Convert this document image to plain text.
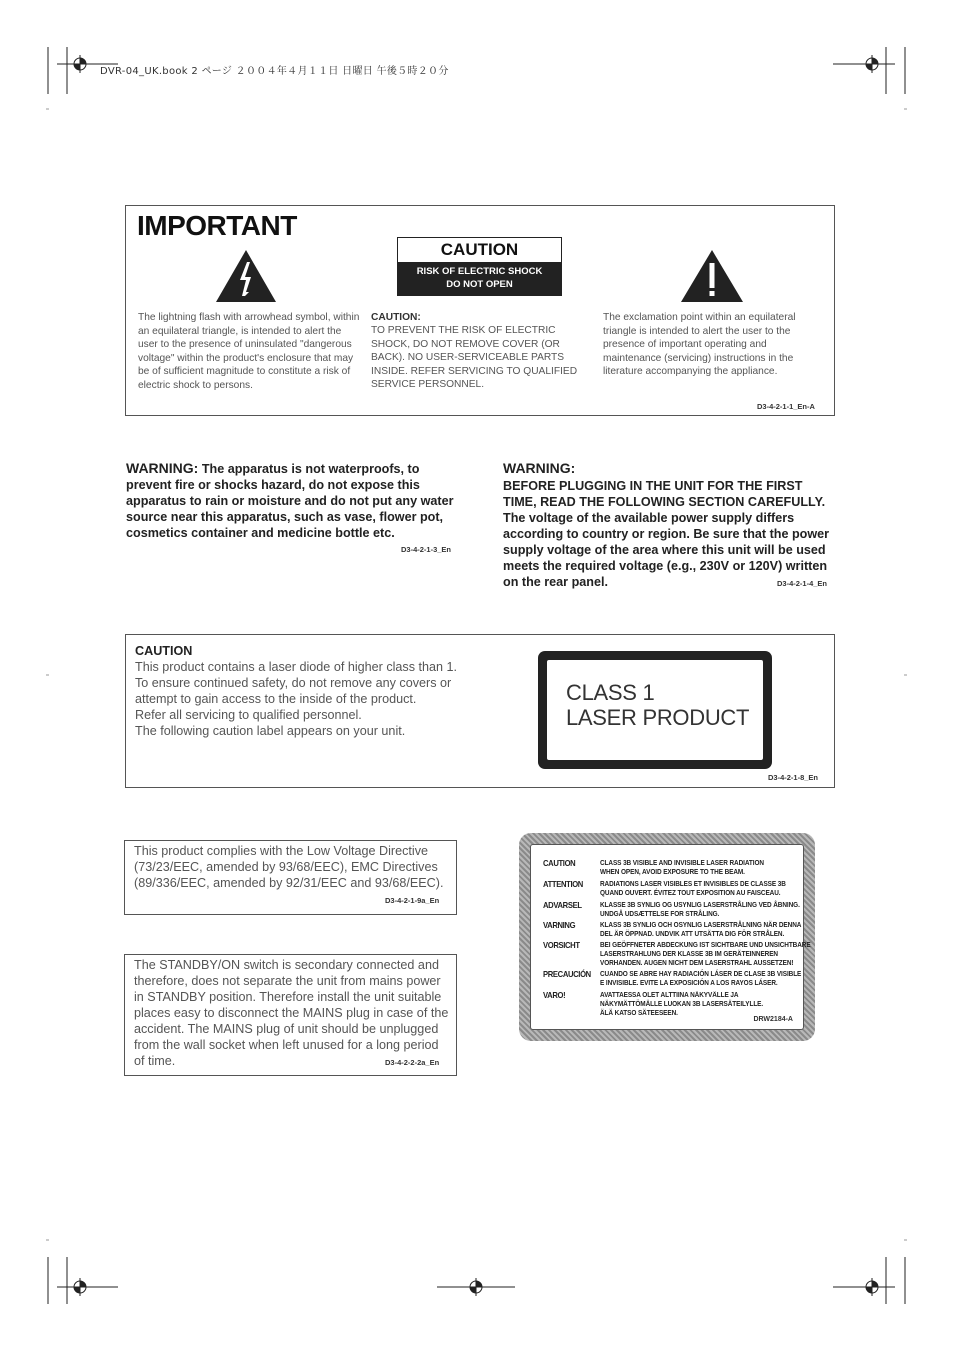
DVR-04_UK.book 2 ページ ２００４年４月１１日 日曜日 午後５時２０分
IMPORTANT
CAUTION
RISK OF ELECTRIC SHOCK
DO NOT OPEN
The lightning flash with arrowhead symbol, within an equilateral triangle, is intended to alert the user to the presence of uninsulated "dangerous voltage" within the product's enclosure that may be of sufficient magnitude to constitute a risk of electric shock to persons.
CAUTION:
TO PREVENT THE RISK OF ELECTRIC SHOCK, DO NOT REMOVE COVER (OR BACK). NO USER-SERVICEABLE PARTS INSIDE. REFER SERVICING TO QUALIFIED SERVICE PERSONNEL.
The exclamation point within an equilateral triangle is intended to alert the user to the presence of important operating and maintenance (servicing) instructions in the literature accompanying the appliance.
D3-4-2-1-1_En-A
WARNING: The apparatus is not waterproofs, to prevent fire or shocks hazard, do not expose this apparatus to rain or moisture and do not put any water source near this apparatus, such as vase, flower pot, cosmetics container and medicine bottle etc.
D3-4-2-1-3_En
WARNING:
BEFORE PLUGGING IN THE UNIT FOR THE FIRST TIME, READ THE FOLLOWING SECTION CAREFULLY. The voltage of the available power supply differs according to country or region. Be sure that the power supply voltage of the area where this unit will be used meets the required voltage (e.g., 230V or 120V) written on the rear panel.	D3-4-2-1-4_En
CAUTION
This product contains a laser diode of higher class than 1. To ensure continued safety, do not remove any covers or attempt to gain access to the inside of the product.
Refer all servicing to qualified personnel.
The following caution label appears on your unit.
CLASS 1
LASER PRODUCT
D3-4-2-1-8_En
This product complies with the Low Voltage Directive (73/23/EEC, amended by 93/68/EEC), EMC Directives (89/336/EEC, amended by 92/31/EEC and 93/68/EEC).
D3-4-2-1-9a_En
The STANDBY/ON switch is secondary connected and therefore, does not separate the unit from mains power in STANDBY position. Therefore install the unit suitable places easy to disconnect the MAINS plug in case of the accident. The MAINS plug of unit should be unplugged from the wall socket when left unused for a long period of time.	D3-4-2-2-2a_En
CAUTION	CLASS 3B VISIBLE AND INVISIBLE LASER RADIATION
WHEN OPEN, AVOID EXPOSURE TO THE BEAM.
ATTENTION	RADIATIONS LASER VISIBLES ET INVISIBLES DE CLASSE 3B
QUAND OUVERT. ÉVITEZ TOUT EXPOSITION AU FAISCEAU.
ADVARSEL	KLASSE 3B SYNLIG OG USYNLIG LASERSTRÅLING VED ÅBNING.
UNDGÅ UDSÆTTELSE FOR STRÅLING.
VARNING	KLASS 3B SYNLIG OCH OSYNLIG LASERSTRÅLNING NÄR DENNA
DEL ÄR ÖPPNAD. UNDVIK ATT UTSÄTTA DIG FÖR STRÅLEN.
VORSICHT	BEI GEÖFFNETER ABDECKUNG IST SICHTBARE UND UNSICHTBARE
LASERSTRAHLUNG DER KLASSE 3B IM GERÄTEINNEREN
VORHANDEN. AUGEN NICHT DEM LASERSTRAHL AUSSETZEN!
PRECAUCIÓN CUANDO SE ABRE HAY RADIACIÓN LÁSER DE CLASE 3B VISIBLE
E INVISIBLE. EVITE LA EXPOSICIÓN A LOS RAYOS LÁSER.
VARO!	AVATTAESSA OLET ALTTIINA NÄKYVÄLLE JA
NÄKYMÄTTÖMÄLLE LUOKAN 3B LASERSÄTEILYLLE.
ÄLÄ KATSO SÄTEESEEN.
DRW2184-A
